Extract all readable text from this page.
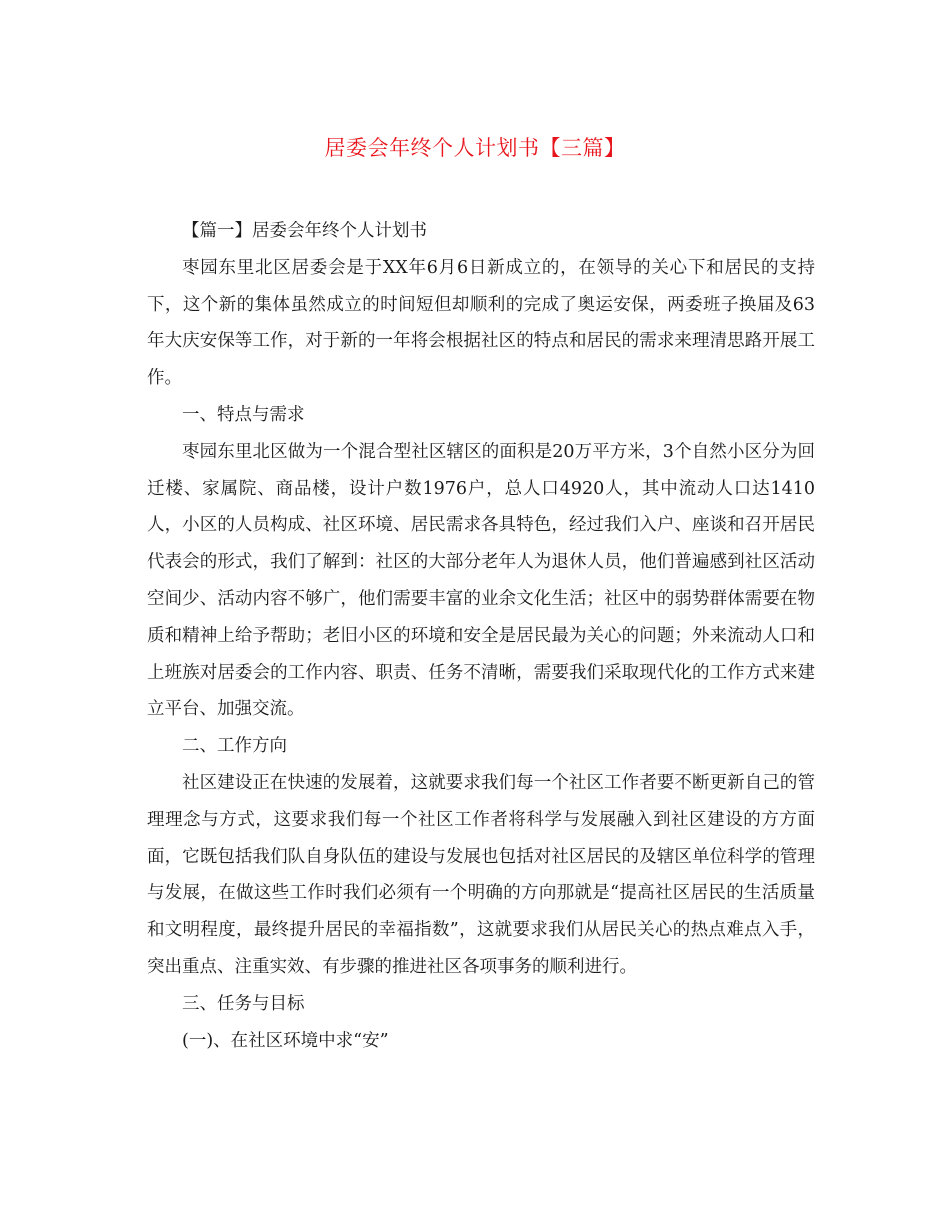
居委会年终个人计划书【三篇】

【篇一】居委会年终个人计划书

枣园东里北区居委会是于XX年6月6日新成立的，在领导的关心下和居民的支持下，这个新的集体虽然成立的时间短但却顺利的完成了奥运安保，两委班子换届及63年大庆安保等工作，对于新的一年将会根据社区的特点和居民的需求来理清思路开展工作。

一、特点与需求

枣园东里北区做为一个混合型社区辖区的面积是20万平方米，3个自然小区分为回迁楼、家属院、商品楼，设计户数1976户，总人口4920人，其中流动人口达1410人，小区的人员构成、社区环境、居民需求各具特色，经过我们入户、座谈和召开居民代表会的形式，我们了解到：社区的大部分老年人为退休人员，他们普遍感到社区活动空间少、活动内容不够广，他们需要丰富的业余文化生活；社区中的弱势群体需要在物质和精神上给予帮助；老旧小区的环境和安全是居民最为关心的问题；外来流动人口和上班族对居委会的工作内容、职责、任务不清晰，需要我们采取现代化的工作方式来建立平台、加强交流。

二、工作方向

社区建设正在快速的发展着，这就要求我们每一个社区工作者要不断更新自己的管理理念与方式，这要求我们每一个社区工作者将科学与发展融入到社区建设的方方面面，它既包括我们队自身队伍的建设与发展也包括对社区居民的及辖区单位科学的管理与发展，在做这些工作时我们必须有一个明确的方向那就是“提高社区居民的生活质量和文明程度，最终提升居民的幸福指数”，这就要求我们从居民关心的热点难点入手，突出重点、注重实效、有步骤的推进社区各项事务的顺利进行。

三、任务与目标

(一)、在社区环境中求“安”
